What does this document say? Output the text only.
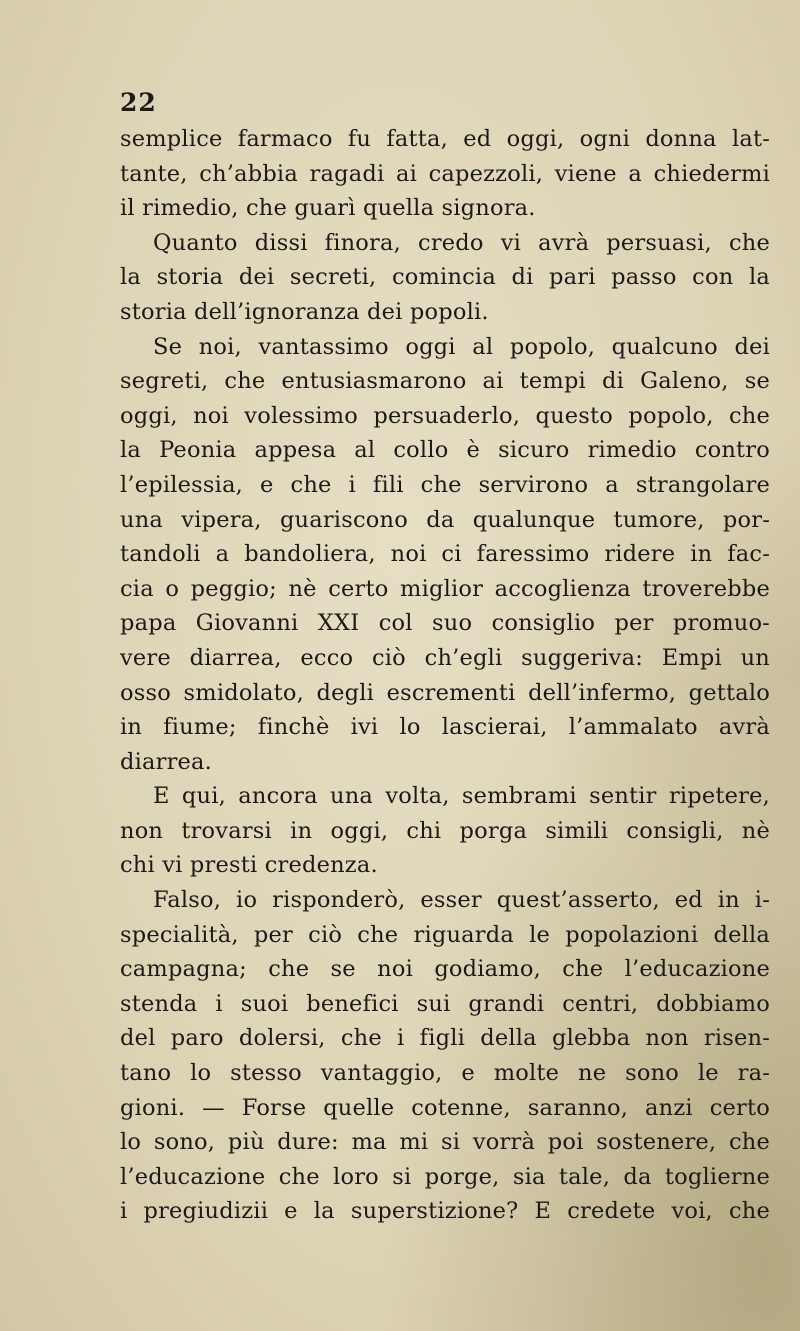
22
semplice farmaco fu fatta, ed oggi, ogni donna lat-
tante, ch’abbia ragadi ai capezzoli, viene a chiedermi
il rimedio, che guarì quella signora.
Quanto dissi finora, credo vi avrà persuasi, che
la storia dei secreti, comincia di pari passo con la
storia dell’ignoranza dei popoli.
Se noi, vantassimo oggi al popolo, qualcuno dei
segreti, che entusiasmarono ai tempi di Galeno, se
oggi, noi volessimo persuaderlo, questo popolo, che
la Peonia appesa al collo è sicuro rimedio contro
l’epilessia, e che i fili che servirono a strangolare
una vipera, guariscono da qualunque tumore, por-
tandoli a bandoliera, noi ci faressimo ridere in fac-
cia o peggio; nè certo miglior accoglienza troverebbe
papa Giovanni XXI col suo consiglio per promuo-
vere diarrea, ecco ciò ch’egli suggeriva: Empi un
osso smidolato, degli escrementi dell’infermo, gettalo
in fiume; finchè ivi lo lascierai, l’ammalato avrà
diarrea.
E qui, ancora una volta, sembrami sentir ripetere,
non trovarsi in oggi, chi porga simili consigli, nè
chi vi presti credenza.
Falso, io risponderò, esser quest’asserto, ed in i-
specialità, per ciò che riguarda le popolazioni della
campagna; che se noi godiamo, che l’educazione
stenda i suoi benefici sui grandi centri, dobbiamo
del paro dolersi, che i figli della glebba non risen-
tano lo stesso vantaggio, e molte ne sono le ra-
gioni. — Forse quelle cotenne, saranno, anzi certo
lo sono, più dure: ma mi si vorrà poi sostenere, che
l’educazione che loro si porge, sia tale, da toglierne
i pregiudizii e la superstizione? E credete voi, che
